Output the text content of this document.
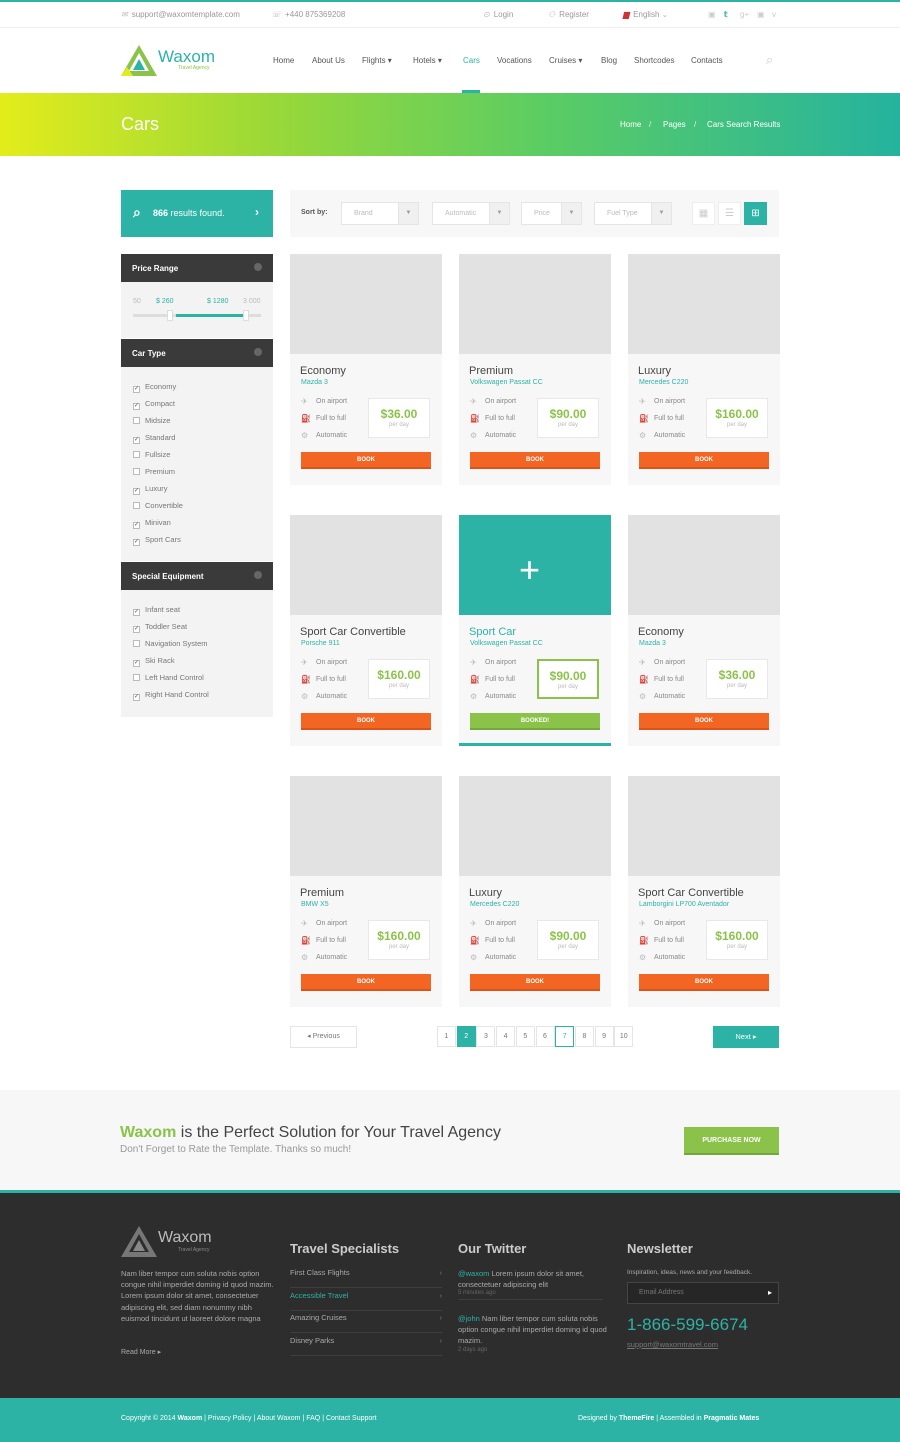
✉ support@waxomtemplate.com	☏ +440 875369208	⊙ Login	⚇ Register	▆ English ⌄	▣ 𝕥 g+ ▣ v
Waxom
Travel Agency
Home About Us Flights ▾	Hotels ▾	Cars Vocations Cruises ▾ Blog Shortcodes Contacts	⌕
Cars	Home / Pages / Cars Search Results
⌕ 866 results found.	›
Price Range
50 $ 260	$ 1280 3 000
Car Type
✓ Economy
✓ Compact
Midsize
✓ Standard
Fullsize
Premium
✓ Luxury
Convertible
✓ Minivan
✓ Sport Cars
Special Equipment
✓ Infant seat
✓ Toddler Seat
Navigation System
✓ Ski Rack
Left Hand Control
✓ Right Hand Control
Sort by:	Brand	▼	Automatic	▼	Price	▼	Fuel Type	▼	▦	☰	⊞
Economy
Mazda 3
✈ On airport
⛽ Full to full
⚙ Automatic
$36.00
per day
BOOK
Premium
Volkswagen Passat CC
✈ On airport
⛽ Full to full
⚙ Automatic
$90.00
per day
BOOK
Luxury
Mercedes C220
✈ On airport
⛽ Full to full
⚙ Automatic
$160.00
per day
BOOK
Sport Car Convertible
Porsche 911
✈ On airport
⛽ Full to full
⚙ Automatic
$160.00
per day
BOOK
+
Sport Car
Volkswagen Passat CC
✈ On airport
⛽ Full to full
⚙ Automatic
$90.00
per day
BOOKED!
Economy
Mazda 3
✈ On airport
⛽ Full to full
⚙ Automatic
$36.00
per day
BOOK
Premium
BMW X5
✈ On airport
⛽ Full to full
⚙ Automatic
$160.00
per day
BOOK
Luxury
Mercedes C220
✈ On airport
⛽ Full to full
⚙ Automatic
$90.00
per day
BOOK
Sport Car Convertible
Lamborgini LP700 Aventador
✈ On airport
⛽ Full to full
⚙ Automatic
$160.00
per day
BOOK
◂ Previous	1	2	3	4	5	6	7	8	9	10	Next ▸
Waxom is the Perfect Solution for Your Travel Agency
Don't Forget to Rate the Template. Thanks so much!
PURCHASE NOW
Waxom
Travel Agency
Nam liber tempor cum soluta nobis option congue nihil imperdiet doming id quod mazim. Lorem ipsum dolor sit amet, consectetuer adipiscing elit, sed diam nonummy nibh euismod tincidunt ut laoreet dolore magna
Read More ▸
Travel Specialists
First Class Flights	›
Accessible Travel	›
Amazing Cruises	›
Disney Parks	›
Our Twitter
@waxom Lorem ipsum dolor sit amet, consectetuer adipiscing elit
5 minutes ago
@john Nam liber tempor cum soluta nobis option congue nihil imperdiet doming id quod mazim.
2 days ago
Newsletter
Inspiration, ideas, news and your feedback.
Email Address	▸
1-866-599-6674
support@waxomtravel.com
Copyright © 2014 Waxom | Privacy Policy | About Waxom | FAQ | Contact Support	Designed by ThemeFire | Assembled in Pragmatic Mates
